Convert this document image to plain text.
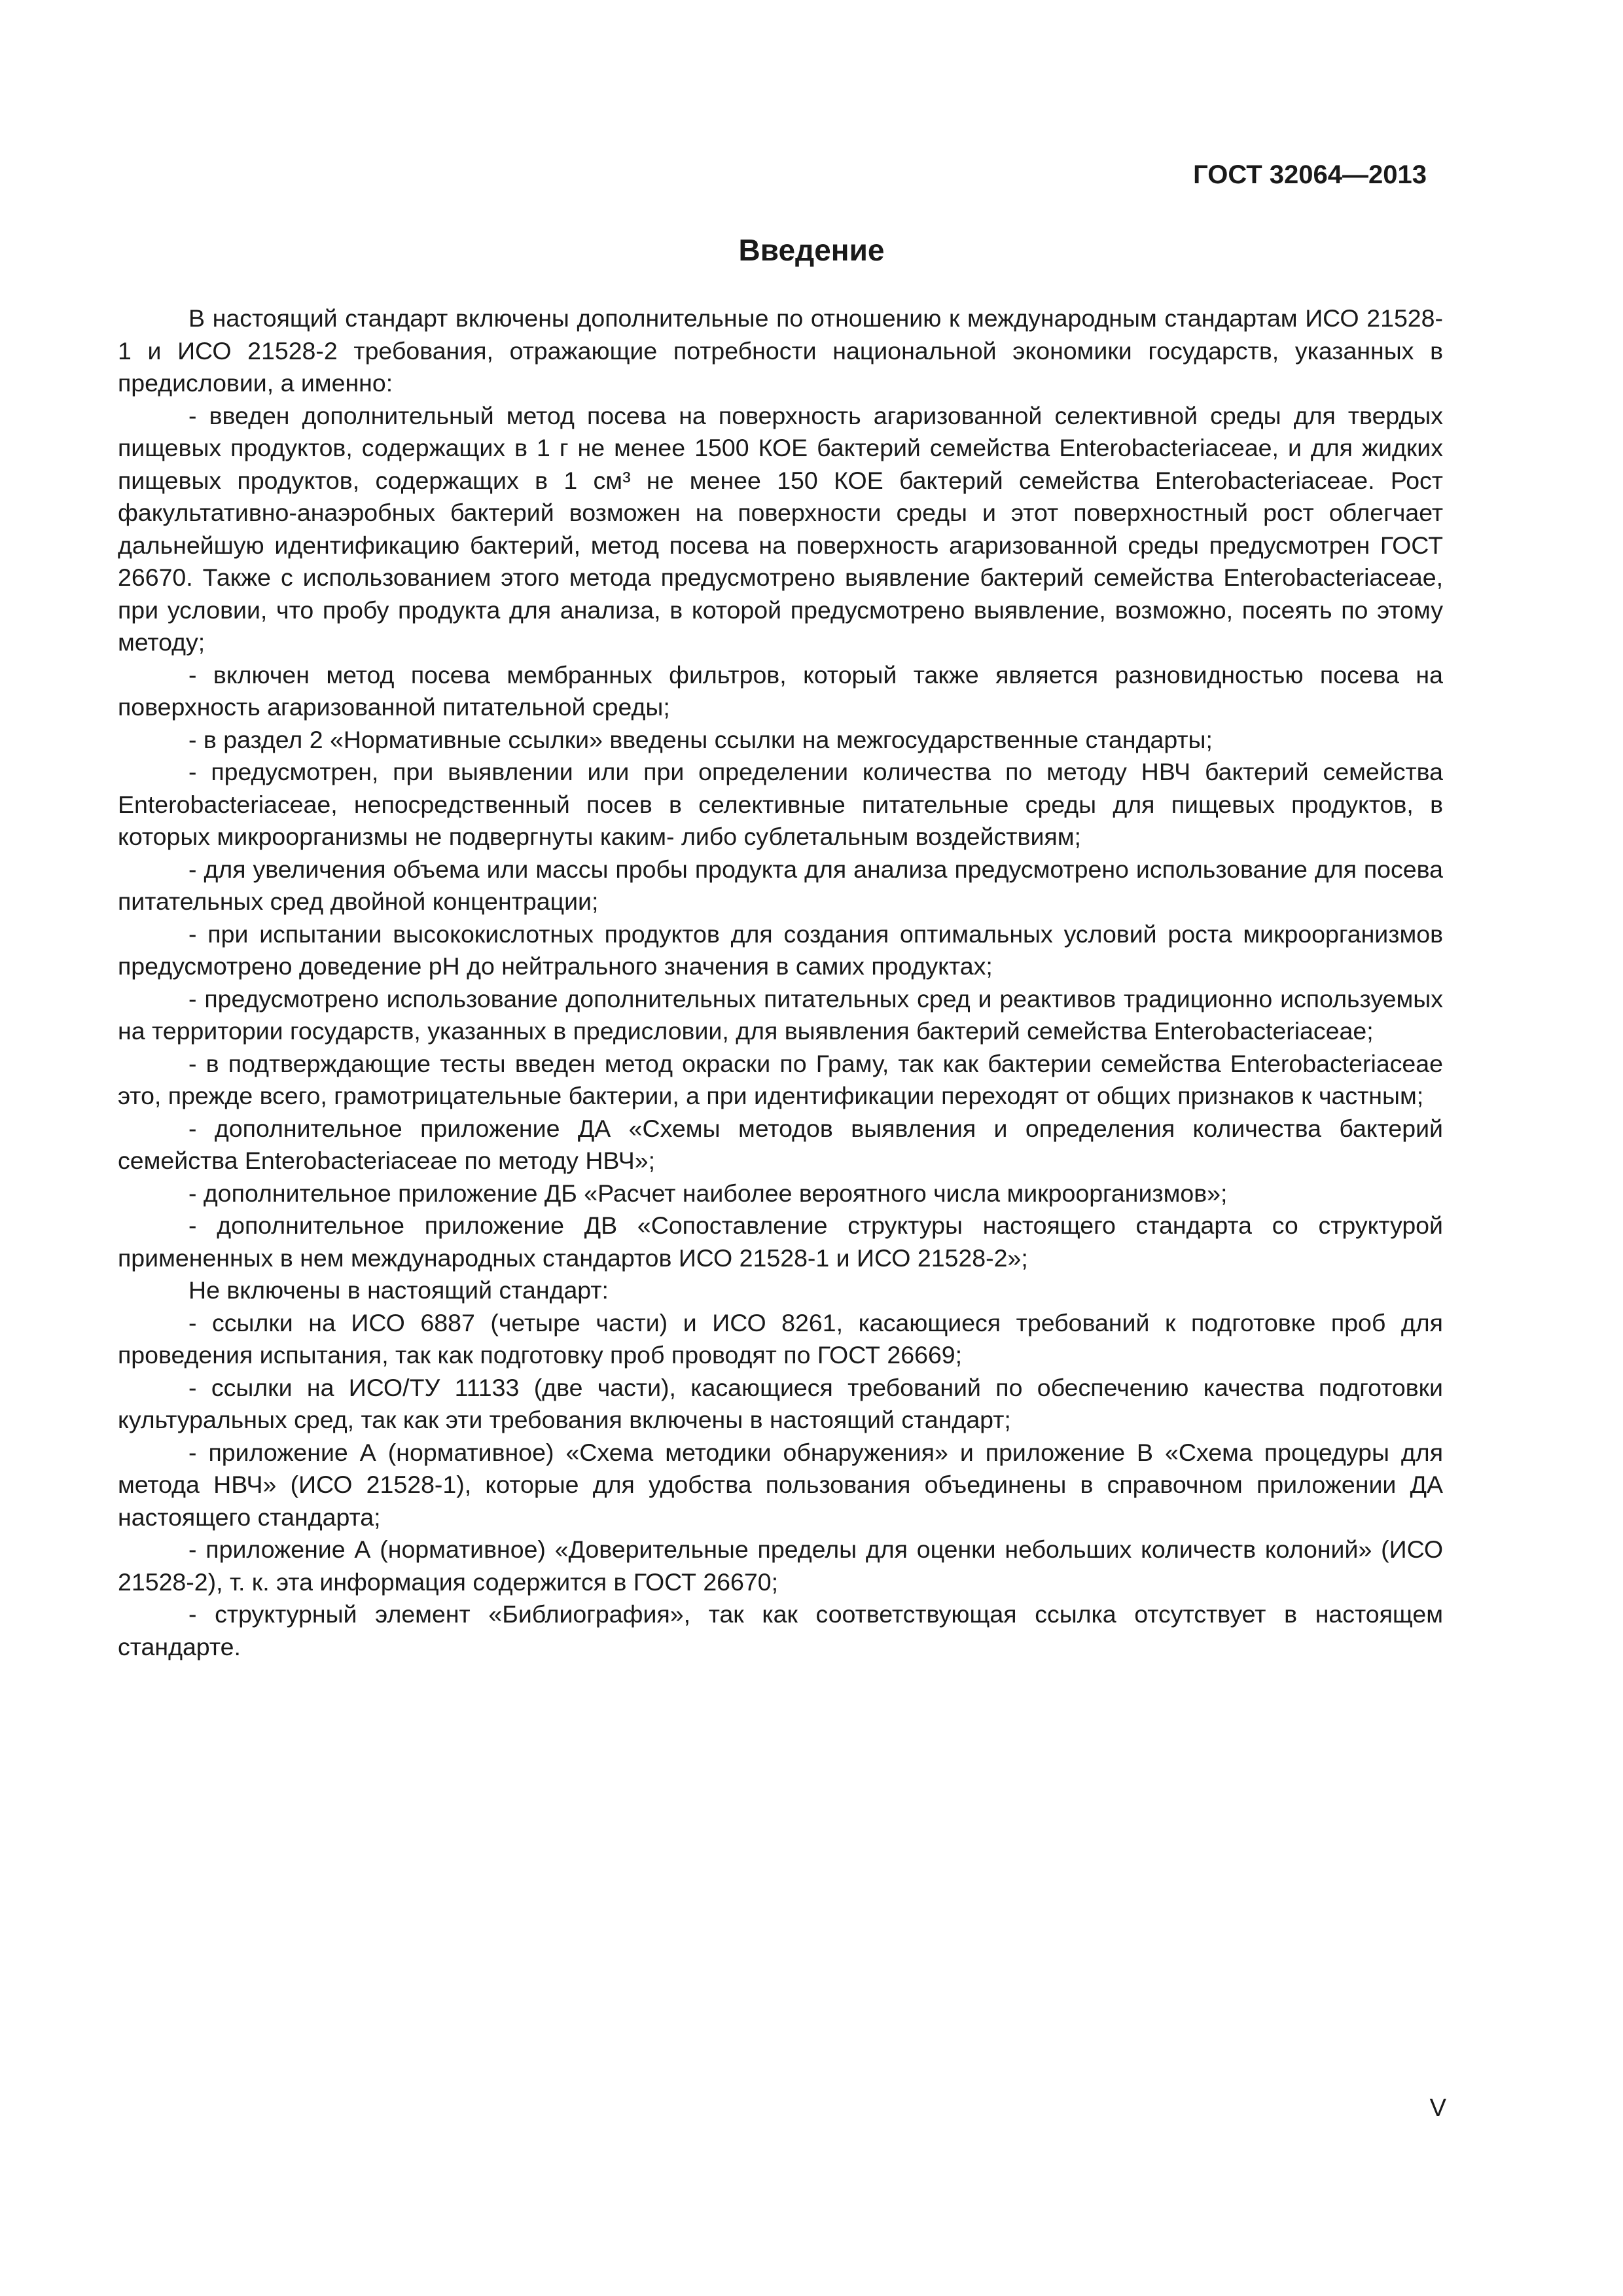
ГОСТ 32064—2013
Введение

В настоящий стандарт включены дополнительные по отношению к международным стандартам ИСО 21528-1 и ИСО 21528-2 требования, отражающие потребности национальной экономики государств, указанных в предисловии, а именно:

- введен дополнительный метод посева на поверхность агаризованной селективной среды для твердых пищевых продуктов, содержащих в 1 г не менее 1500 КОЕ бактерий семейства Enterobacteriaceae, и для жидких пищевых продуктов, содержащих в 1 см³ не менее 150 КОЕ бактерий семейства Enterobacteriaceae. Рост факультативно-анаэробных бактерий возможен на поверхности среды и этот поверхностный рост облегчает дальнейшую идентификацию бактерий, метод посева на поверхность агаризованной среды предусмотрен ГОСТ 26670. Также с использованием этого метода предусмотрено выявление бактерий семейства Enterobacteriaceae, при условии, что пробу продукта для анализа, в которой предусмотрено выявление, возможно, посеять по этому методу;

- включен метод посева мембранных фильтров, который также является разновидностью посева на поверхность агаризованной питательной среды;

- в раздел 2 «Нормативные ссылки» введены ссылки на межгосударственные стандарты;

- предусмотрен, при выявлении или при определении количества по методу НВЧ бактерий семейства Enterobacteriaceae, непосредственный посев в селективные питательные среды для пищевых продуктов, в которых микроорганизмы не подвергнуты каким- либо сублетальным воздействиям;

- для увеличения объема или массы пробы продукта для анализа предусмотрено использование для посева питательных сред двойной концентрации;

- при испытании высококислотных продуктов для создания оптимальных условий роста микроорганизмов предусмотрено доведение pH до нейтрального значения в самих продуктах;

- предусмотрено использование дополнительных питательных сред и реактивов традиционно используемых на территории государств, указанных в предисловии, для выявления бактерий семейства Enterobacteriaceae;

- в подтверждающие тесты введен метод окраски по Граму, так как бактерии семейства Enterobacteriaceae это, прежде всего, грамотрицательные бактерии, а при идентификации переходят от общих признаков к частным;

- дополнительное приложение ДА «Схемы методов выявления и определения количества бактерий семейства Enterobacteriaceae по методу НВЧ»;

- дополнительное приложение ДБ «Расчет наиболее вероятного числа микроорганизмов»;

- дополнительное приложение ДВ «Сопоставление структуры настоящего стандарта со структурой примененных в нем международных стандартов ИСО 21528-1 и ИСО 21528-2»;

Не включены в настоящий стандарт:

- ссылки на ИСО 6887 (четыре части) и ИСО 8261, касающиеся требований к подготовке проб для проведения испытания, так как подготовку проб проводят по ГОСТ 26669;

- ссылки на ИСО/ТУ 11133 (две части), касающиеся требований по обеспечению качества подготовки культуральных сред, так как эти требования включены в настоящий стандарт;

- приложение А (нормативное) «Схема методики обнаружения» и приложение В «Схема процедуры для метода НВЧ» (ИСО 21528-1), которые для удобства пользования объединены в справочном приложении ДА настоящего стандарта;

- приложение А (нормативное) «Доверительные пределы для оценки небольших количеств колоний» (ИСО 21528-2), т. к. эта информация содержится в ГОСТ 26670;

- структурный элемент «Библиография», так как соответствующая ссылка отсутствует в настоящем стандарте.

V
